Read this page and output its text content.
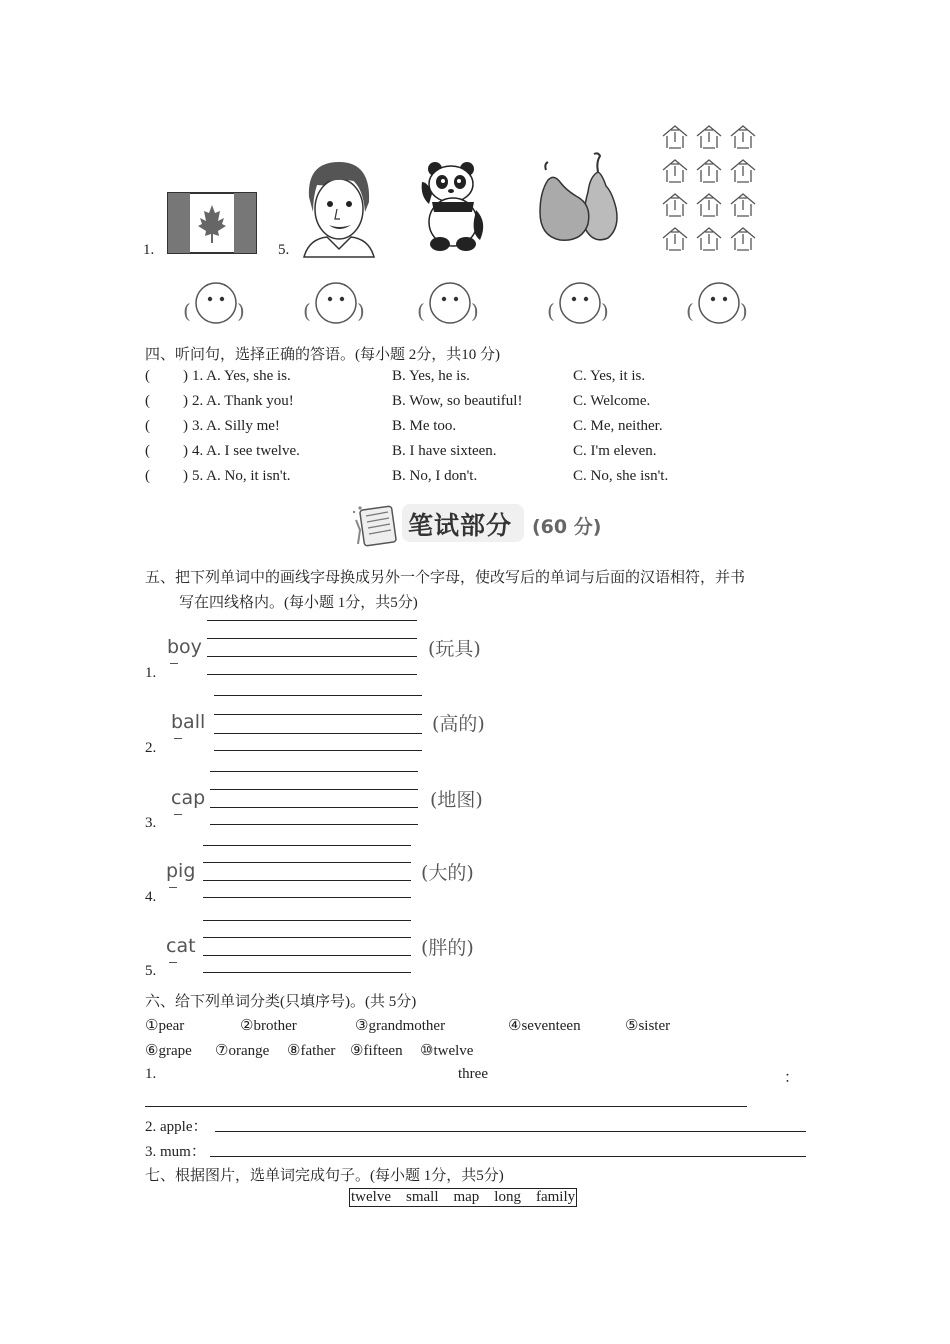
1.	5.
( )	( )	( )	( )	( )
四、听问句，选择正确的答语。(每小题 2分，共10 分)
( ) 1. A. Yes, she is.	B. Yes, he is.	C. Yes, it is.
( ) 2. A. Thank you!	B. Wow, so beautiful!	C. Welcome.
( ) 3. A. Silly me!	B. Me too.	C. Me, neither.
( ) 4. A. I see twelve.	B. I have sixteen.	C. I'm eleven.
( ) 5. A. No, it isn't.	B. No, I don't.	C. No, she isn't.
笔试部分 (60 分)
五、把下列单词中的画线字母换成另外一个字母，使改写后的单词与后面的汉语相符，并书
写在四线格内。(每小题 1分，共5分)
boy	(玩具)
1.
ball	(高的)
2.
cap	(地图)
3.
pig	(大的)
4.
cat	(胖的)
5.
六、给下列单词分类(只填序号)。(共 5分)
①pear	②brother	③grandmother	④seventeen	⑤sister
⑥grape ⑦orange ⑧father ⑨fifteen ⑩twelve
1.	three	：
2. apple：
3. mum：
七、根据图片，选单词完成句子。(每小题 1分，共5分)
twelve    small    map    long    family
